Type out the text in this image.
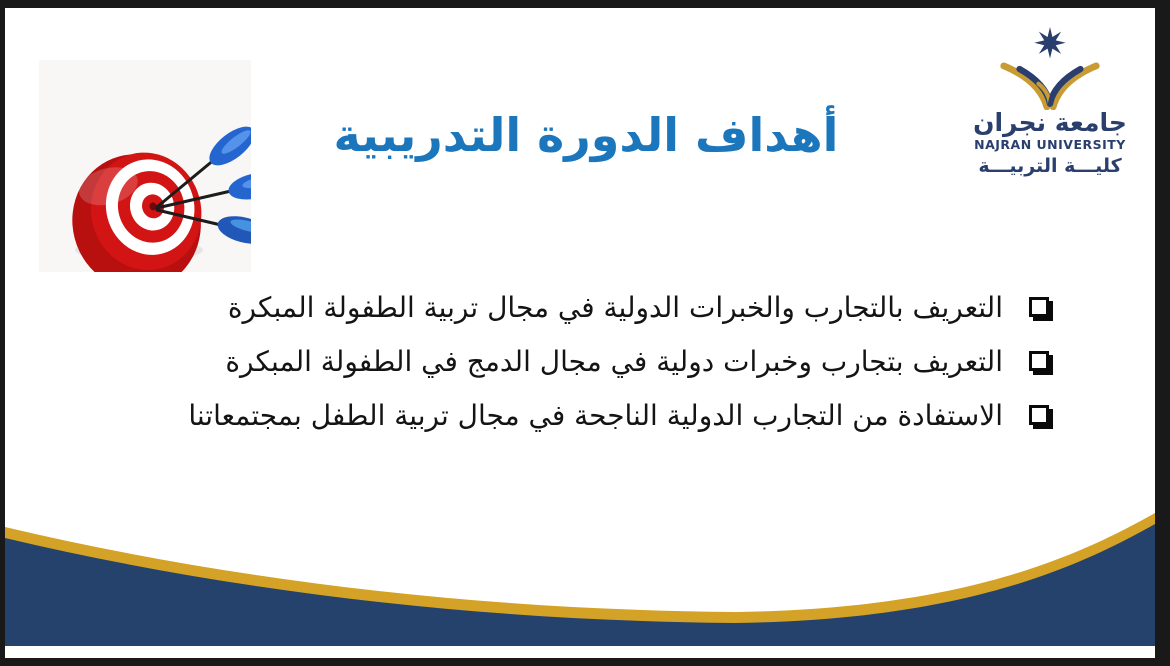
أهداف الدورة التدريبية	جامعة نجران
NAJRAN UNIVERSITY
كليـــة التربيـــة
التعريف بالتجارب والخبرات الدولية في مجال تربية الطفولة المبكرة
التعريف بتجارب وخبرات دولية في مجال الدمج في الطفولة المبكرة
الاستفادة من التجارب الدولية الناجحة في مجال تربية الطفل بمجتمعاتنا
